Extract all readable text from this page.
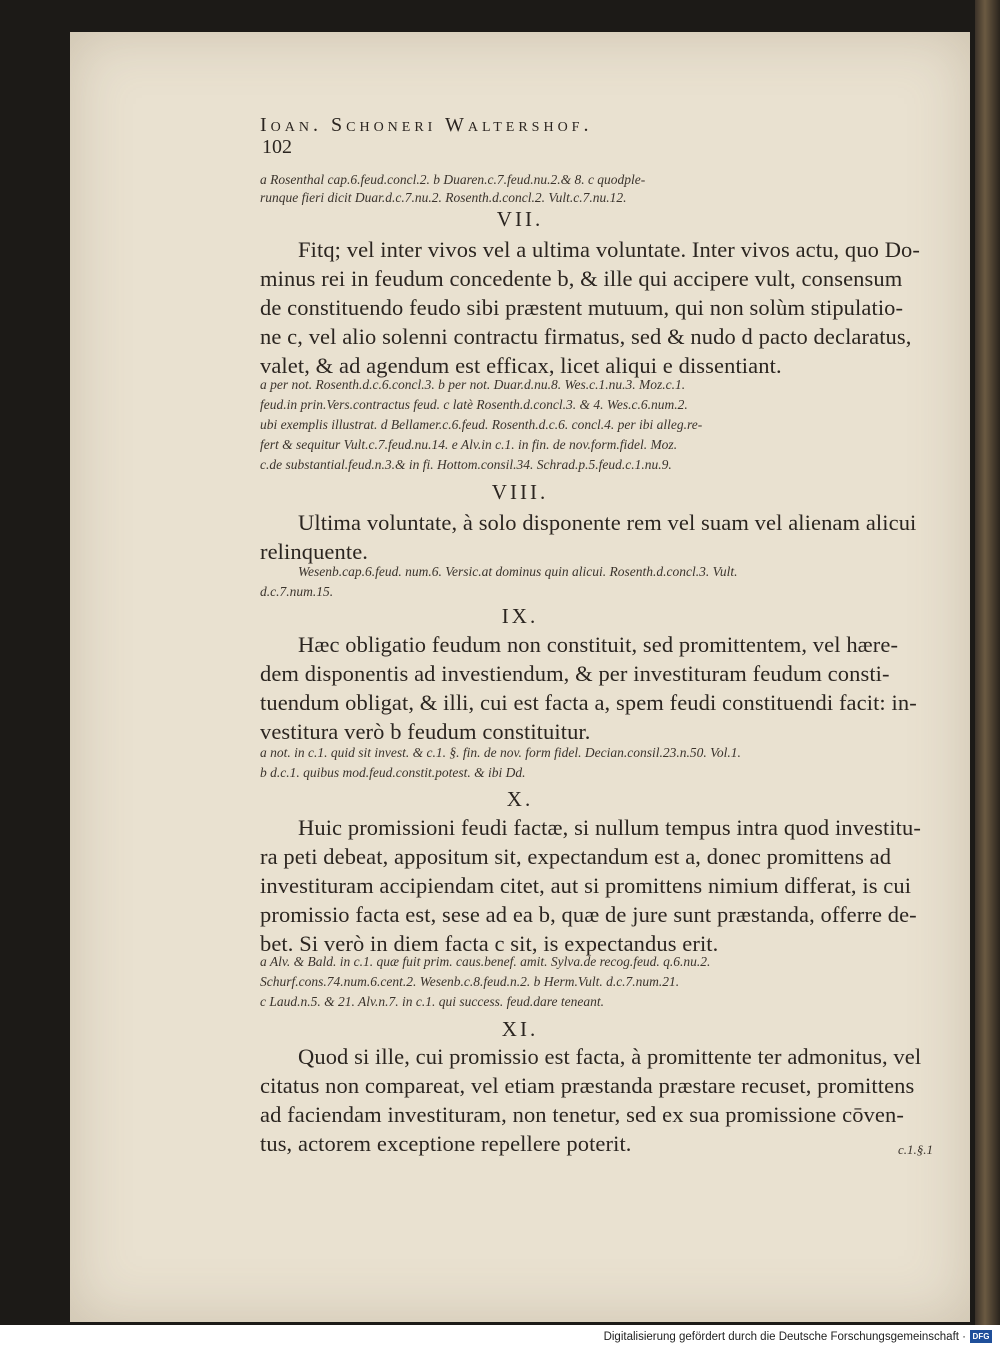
102
Ioan. Schoneri Waltershof.
a Rosenthal cap.6.feud.concl.2. b Duaren.c.7.feud.nu.2.& 8. c quodple-
runque fieri dicit Duar.d.c.7.nu.2. Rosenth.d.concl.2. Vult.c.7.nu.12.
VII.
Fitq; vel inter vivos vel a ultima voluntate. Inter vivos actu, quo Do-
minus rei in feudum concedente b, & ille qui accipere vult, consensum
de constituendo feudo sibi præstent mutuum, qui non solùm stipulatio-
ne c, vel alio solenni contractu firmatus, sed & nudo d pacto declaratus,
valet, & ad agendum est efficax, licet aliqui e dissentiant.
a per not. Rosenth.d.c.6.concl.3. b per not. Duar.d.nu.8. Wes.c.1.nu.3. Moz.c.1.
feud.in prin.Vers.contractus feud. c latè Rosenth.d.concl.3. & 4. Wes.c.6.num.2.
ubi exemplis illustrat. d Bellamer.c.6.feud. Rosenth.d.c.6. concl.4. per ibi alleg.re-
fert & sequitur Vult.c.7.feud.nu.14. e Alv.in c.1. in fin. de nov.form.fidel. Moz.
c.de substantial.feud.n.3.& in fi. Hottom.consil.34. Schrad.p.5.feud.c.1.nu.9.
VIII.
Ultima voluntate, à solo disponente rem vel suam vel alienam alicui
relinquente.
Wesenb.cap.6.feud. num.6. Versic.at dominus quin alicui. Rosenth.d.concl.3. Vult.
d.c.7.num.15.
IX.
Hæc obligatio feudum non constituit, sed promittentem, vel hære-
dem disponentis ad investiendum, & per investituram feudum consti-
tuendum obligat, & illi, cui est facta a, spem feudi constituendi facit: in-
vestitura verò b feudum constituitur.
a not. in c.1. quid sit invest. & c.1. §. fin. de nov. form fidel. Decian.consil.23.n.50. Vol.1.
b d.c.1. quibus mod.feud.constit.potest. & ibi Dd.
X.
Huic promissioni feudi factæ, si nullum tempus intra quod investitu-
ra peti debeat, appositum sit, expectandum est a, donec promittens ad
investituram accipiendam citet, aut si promittens nimium differat, is cui
promissio facta est, sese ad ea b, quæ de jure sunt præstanda, offerre de-
bet. Si verò in diem facta c sit, is expectandus erit.
a Alv. & Bald. in c.1. quæ fuit prim. caus.benef. amit. Sylva.de recog.feud. q.6.nu.2.
Schurf.cons.74.num.6.cent.2. Wesenb.c.8.feud.n.2. b Herm.Vult. d.c.7.num.21.
c Laud.n.5. & 21. Alv.n.7. in c.1. qui success. feud.dare teneant.
XI.
Quod si ille, cui promissio est facta, à promittente ter admonitus, vel
citatus non compareat, vel etiam præstanda præstare recuset, promittens
ad faciendam investituram, non tenetur, sed ex sua promissione cōven-
tus, actorem exceptione repellere poterit.	c.1.§.1
Digitalisierung gefördert durch die Deutsche Forschungsgemeinschaft · DFG
